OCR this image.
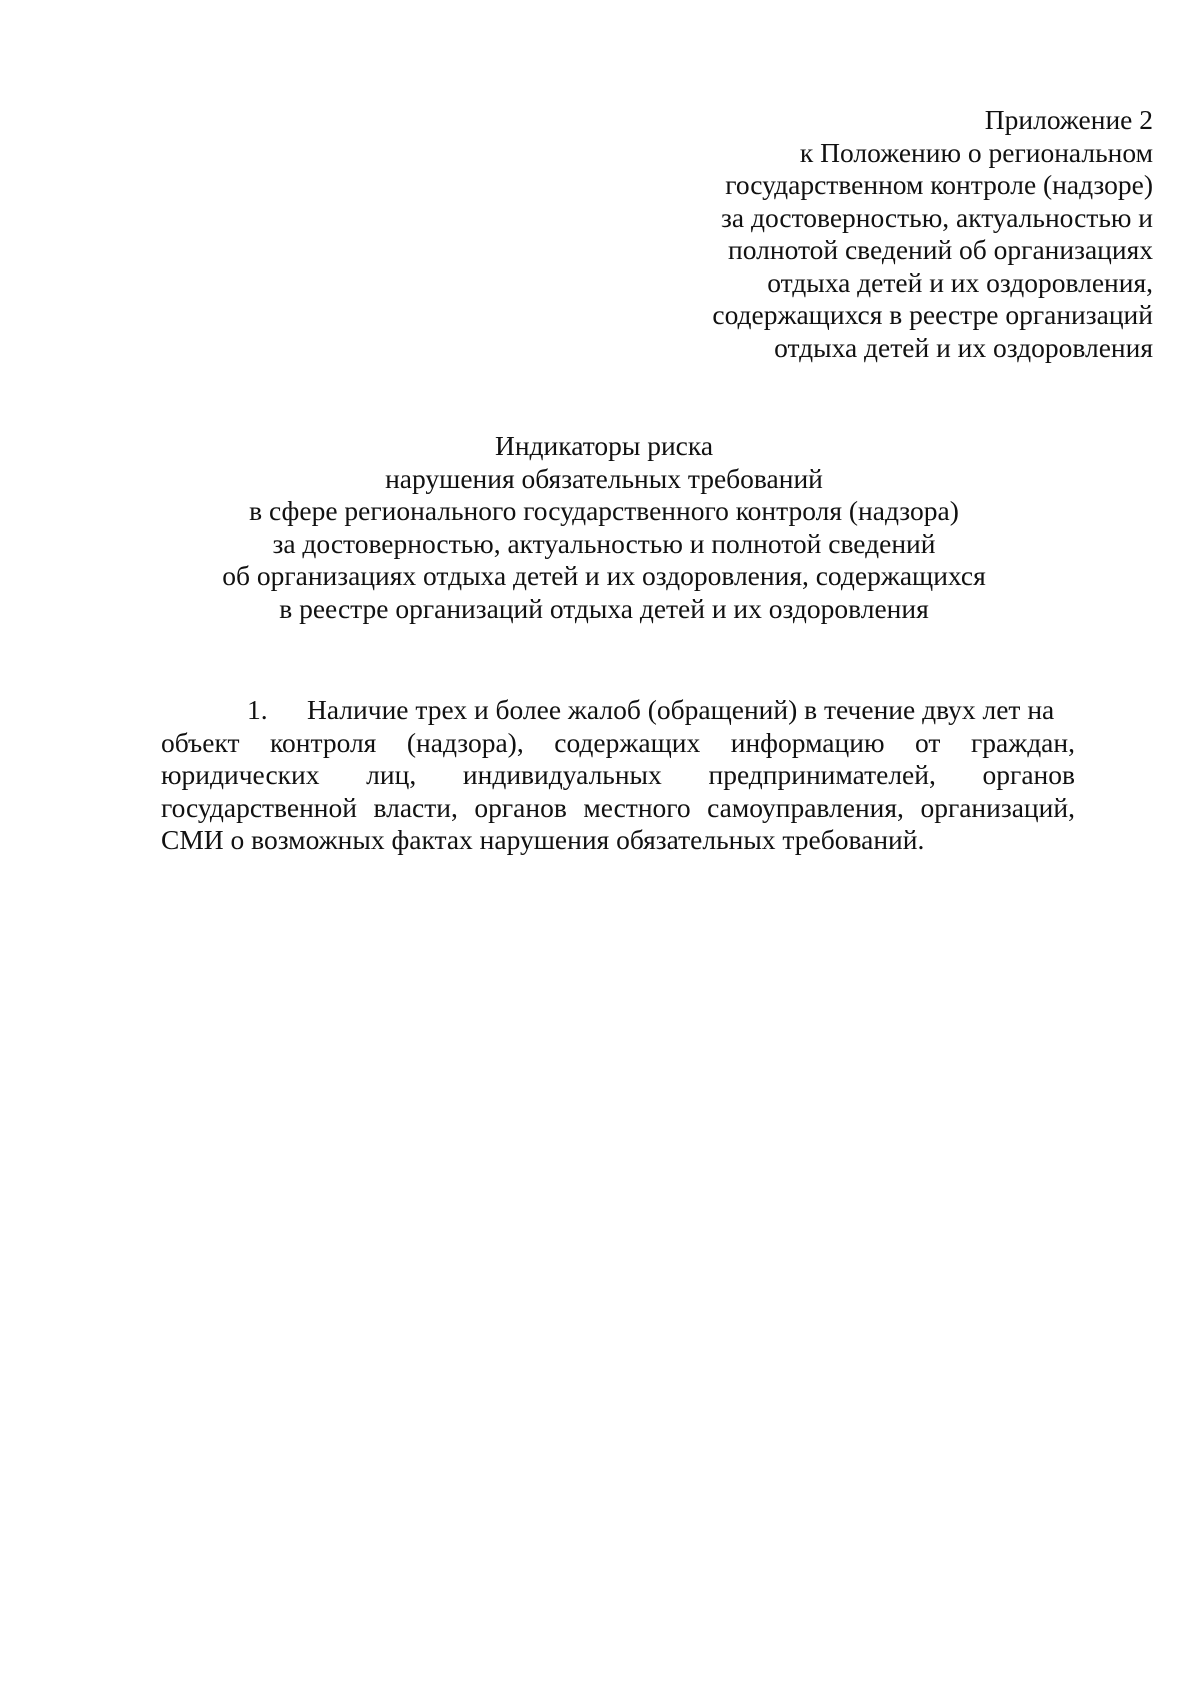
Приложение 2
к Положению о региональном
государственном контроле (надзоре)
за достоверностью, актуальностью и
полнотой сведений об организациях
отдыха детей и их оздоровления,
содержащихся в реестре организаций
отдыха детей и их оздоровления
Индикаторы риска
нарушения обязательных требований
в сфере регионального государственного контроля (надзора)
за достоверностью, актуальностью и полнотой сведений
об организациях отдыха детей и их оздоровления, содержащихся
в реестре организаций отдыха детей и их оздоровления
1.	Наличие трех и более жалоб (обращений) в течение двух лет на
объект контроля (надзора), содержащих информацию от граждан,
юридических лиц, индивидуальных предпринимателей, органов
государственной власти, органов местного самоуправления, организаций,
СМИ о возможных фактах нарушения обязательных требований.
